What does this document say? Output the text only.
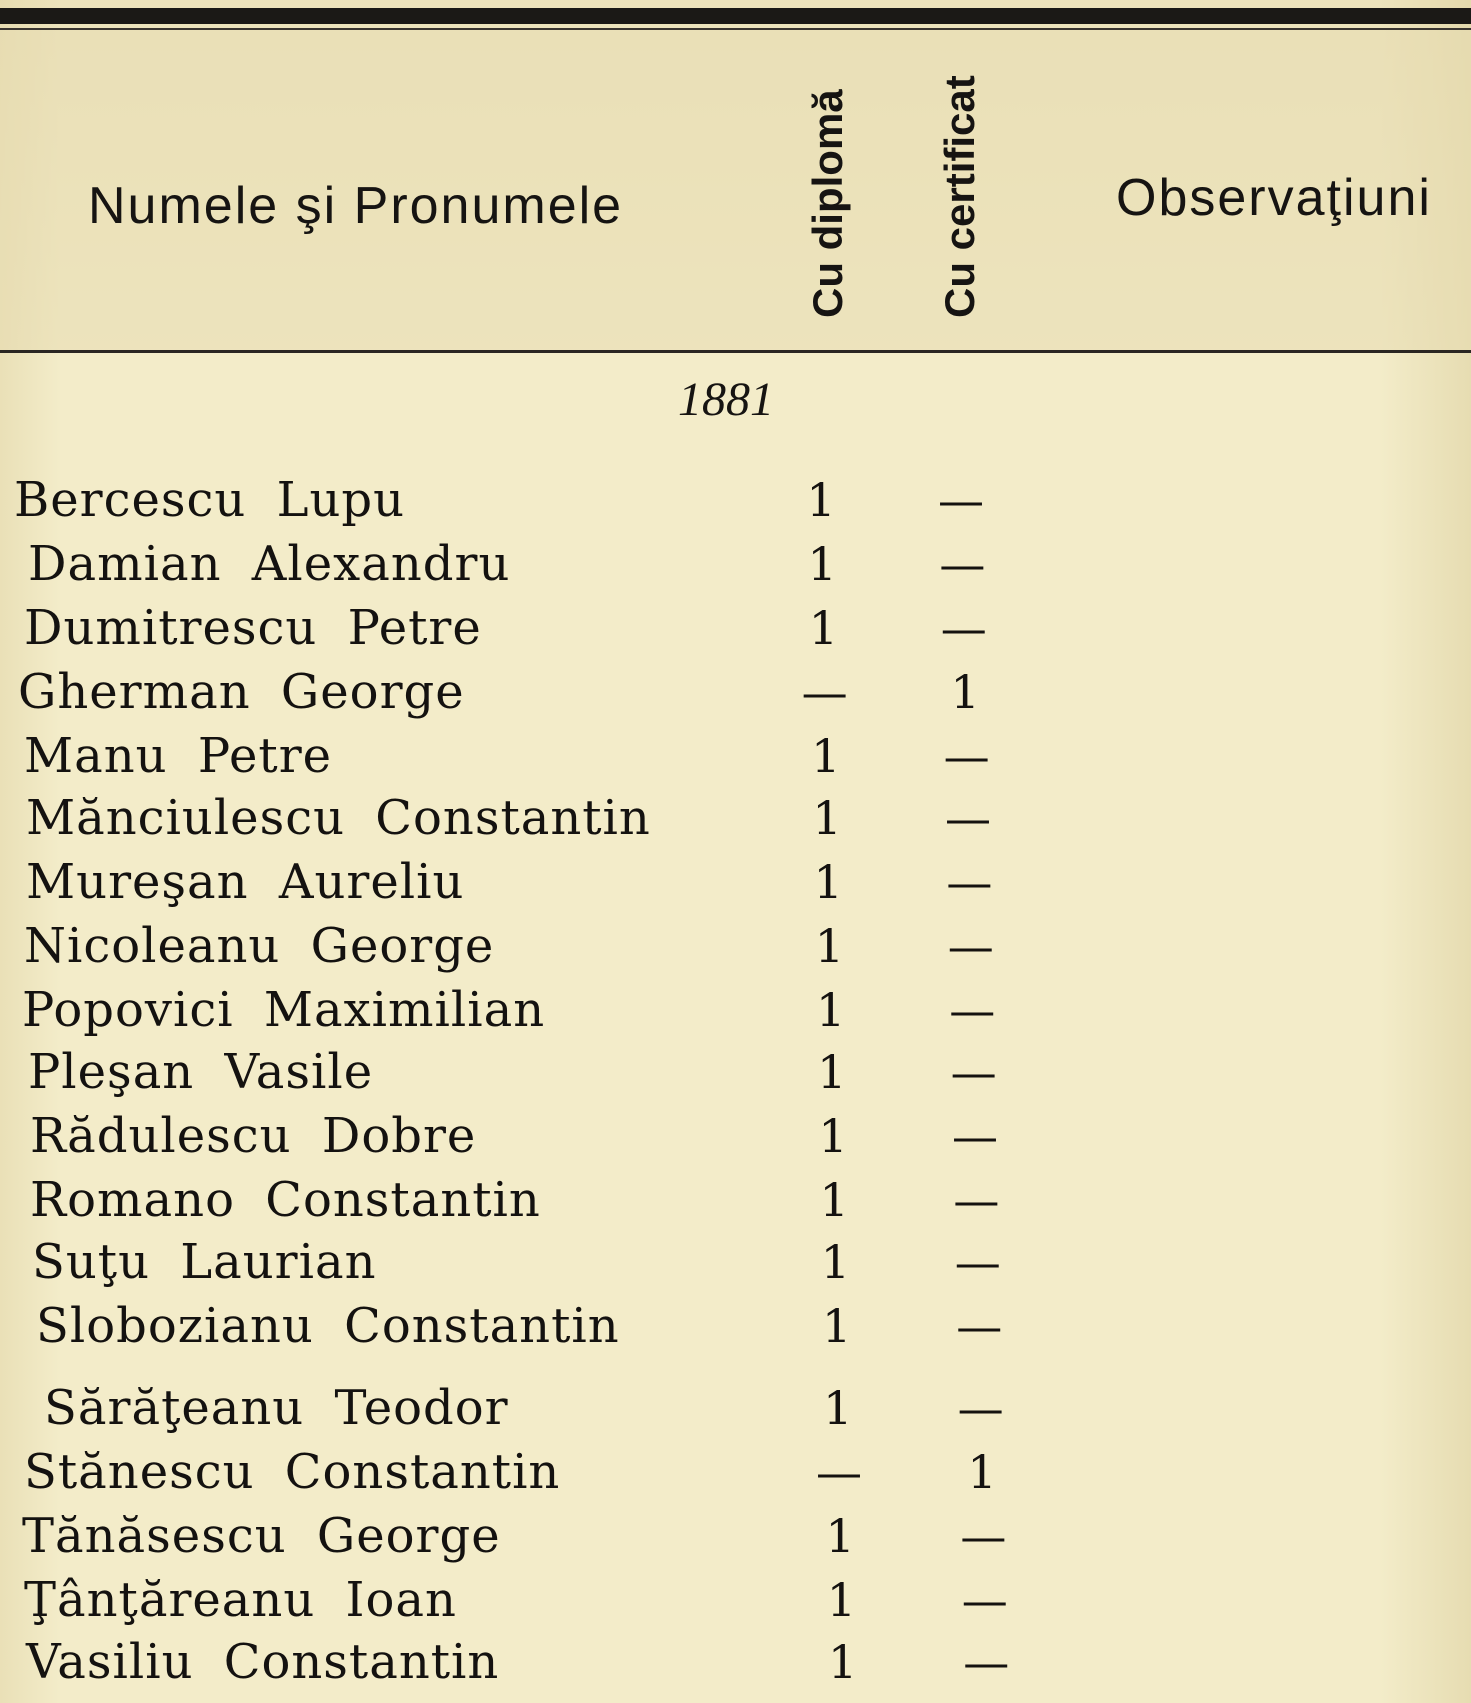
Numele şi Pronumele	Cu diplomă Cu certificat	Observaţiuni
1881
Bercescu Lupu	1	—
Damian Alexandru	1	—
Dumitrescu Petre	1	—
Gherman George	—	1
Manu Petre	1	—
Mănciulescu Constantin	1	—
Mureşan Aureliu	1	—
Nicoleanu George	1	—
Popovici Maximilian	1	—
Pleşan Vasile	1	—
Rădulescu Dobre	1	—
Romano Constantin	1	—
Suţu Laurian	1	—
Slobozianu Constantin	1	—
Sărăţeanu Teodor	1	—
Stănescu Constantin	—	1
Tănăsescu George	1	—
Ţânţăreanu Ioan	1	—
Vasiliu Constantin	1	—
